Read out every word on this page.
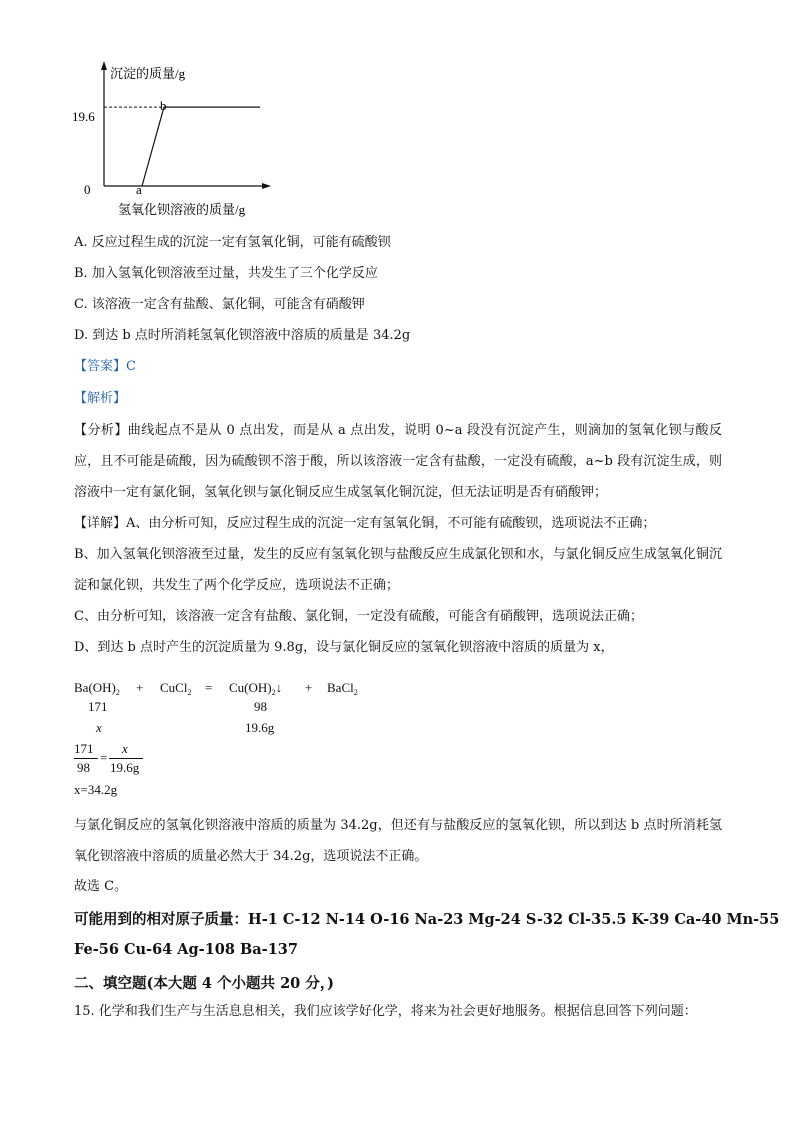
沉淀的质量/g
19.6
0	a
b
氢氧化钡溶液的质量/g
A. 反应过程生成的沉淀一定有氢氧化铜，可能有硫酸钡
B. 加入氢氧化钡溶液至过量，共发生了三个化学反应
C. 该溶液一定含有盐酸、氯化铜，可能含有硝酸钾
D. 到达 b 点时所消耗氢氧化钡溶液中溶质的质量是 34.2g
【答案】C
【解析】
【分析】曲线起点不是从 0 点出发，而是从 a 点出发，说明 0~a 段没有沉淀产生，则滴加的氢氧化钡与酸反应，且不可能是硫酸，因为硫酸钡不溶于酸，所以该溶液一定含有盐酸，一定没有硫酸，a~b 段有沉淀生成，则溶液中一定有氯化铜，氢氧化钡与氯化铜反应生成氢氧化铜沉淀，但无法证明是否有硝酸钾；
【详解】A、由分析可知，反应过程生成的沉淀一定有氢氧化铜，不可能有硫酸钡，选项说法不正确；
B、加入氢氧化钡溶液至过量，发生的反应有氢氧化钡与盐酸反应生成氯化钡和水，与氯化铜反应生成氢氧化铜沉淀和氯化钡，共发生了两个化学反应，选项说法不正确；
C、由分析可知，该溶液一定含有盐酸、氯化铜，一定没有硫酸，可能含有硝酸钾，选项说法正确；
D、到达 b 点时产生的沉淀质量为 9.8g，设与氯化铜反应的氢氧化钡溶液中溶质的质量为 x，
$Ba(OH)_2$ + CuCl$_2$ = $Cu(OH)_2↓$ + BaCl$_2$
171	98
x	19.6g
171
98
=
x
19.6g
x=34.2g
与氯化铜反应的氢氧化钡溶液中溶质的质量为 34.2g，但还有与盐酸反应的氢氧化钡，所以到达 b 点时所消耗氢氧化钡溶液中溶质的质量必然大于 34.2g，选项说法不正确。
故选 C。
可能用到的相对原子质量：H-1 C-12 N-14 O-16 Na-23 Mg-24 S-32 Cl-35.5 K-39 Ca-40 Mn-55
Fe-56 Cu-64 Ag-108 Ba-137
二、填空题(本大题 4 个小题共 20 分，)
15. 化学和我们生产与生活息息相关，我们应该学好化学，将来为社会更好地服务。根据信息回答下列问题：
